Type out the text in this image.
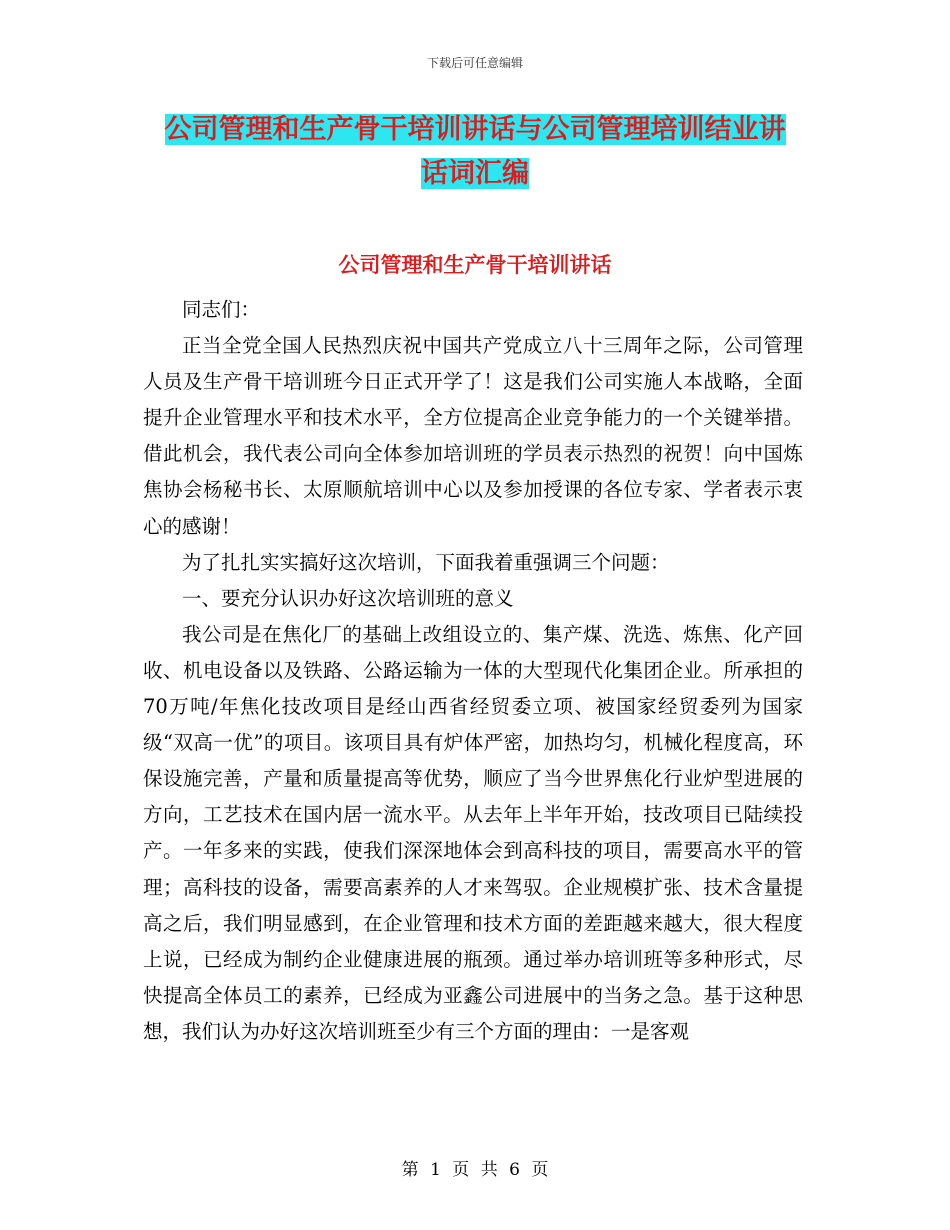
下载后可任意编辑
公司管理和生产骨干培训讲话与公司管理培训结业讲
话词汇编
公司管理和生产骨干培训讲话

同志们：

正当全党全国人民热烈庆祝中国共产党成立八十三周年之际，公司管理人员及生产骨干培训班今日正式开学了！这是我们公司实施人本战略，全面提升企业管理水平和技术水平，全方位提高企业竞争能力的一个关键举措。借此机会，我代表公司向全体参加培训班的学员表示热烈的祝贺！向中国炼焦协会杨秘书长、太原顺航培训中心以及参加授课的各位专家、学者表示衷心的感谢！

为了扎扎实实搞好这次培训，下面我着重强调三个问题：

一、要充分认识办好这次培训班的意义

我公司是在焦化厂的基础上改组设立的、集产煤、洗选、炼焦、化产回收、机电设备以及铁路、公路运输为一体的大型现代化集团企业。所承担的70万吨/年焦化技改项目是经山西省经贸委立项、被国家经贸委列为国家级“双高一优”的项目。该项目具有炉体严密，加热均匀，机械化程度高，环保设施完善，产量和质量提高等优势，顺应了当今世界焦化行业炉型进展的方向，工艺技术在国内居一流水平。从去年上半年开始，技改项目已陆续投产。一年多来的实践，使我们深深地体会到高科技的项目，需要高水平的管理；高科技的设备，需要高素养的人才来驾驭。企业规模扩张、技术含量提高之后，我们明显感到，在企业管理和技术方面的差距越来越大，很大程度上说，已经成为制约企业健康进展的瓶颈。通过举办培训班等多种形式，尽快提高全体员工的素养，已经成为亚鑫公司进展中的当务之急。基于这种思想，我们认为办好这次培训班至少有三个方面的理由：一是客观

第 1 页 共 6 页
